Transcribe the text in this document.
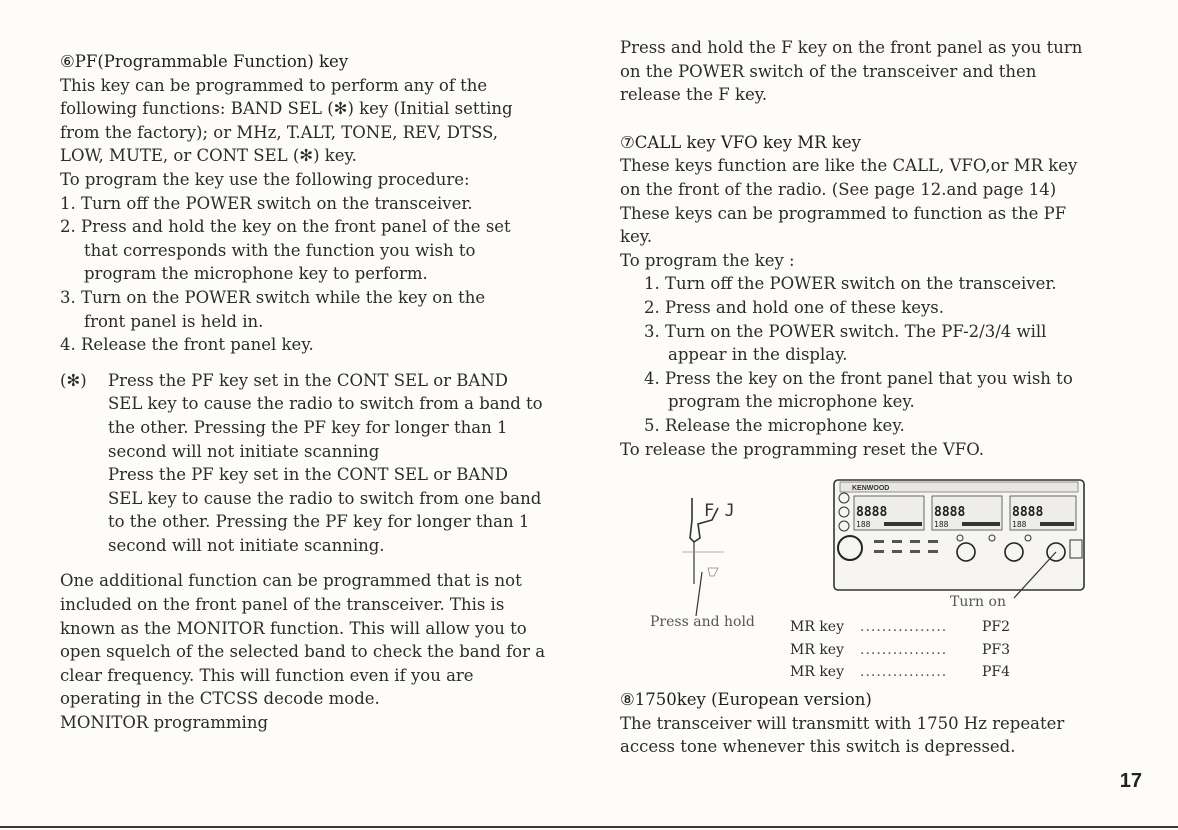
⑥PF(Programmable Function) key
This key can be programmed to perform any of the
following functions: BAND SEL (✻) key (Initial setting
from the factory); or MHz, T.ALT, TONE, REV, DTSS,
LOW, MUTE, or CONT SEL (✻) key.
To program the key use the following procedure:
1. Turn off the POWER switch on the transceiver.
2. Press and hold the key on the front panel of the set
that corresponds with the function you wish to
program the microphone key to perform.
3. Turn on the POWER switch while the key on the
front panel is held in.
4. Release the front panel key.
(✻) Press the PF key set in the CONT SEL or BAND
SEL key to cause the radio to switch from a band to
the other. Pressing the PF key for longer than 1
second will not initiate scanning
Press the PF key set in the CONT SEL or BAND
SEL key to cause the radio to switch from one band
to the other. Pressing the PF key for longer than 1
second will not initiate scanning.
One additional function can be programmed that is not
included on the front panel of the transceiver. This is
known as the MONITOR function. This will allow you to
open squelch of the selected band to check the band for a
clear frequency. This will function even if you are
operating in the CTCSS decode mode.
MONITOR programming
Press and hold the F key on the front panel as you turn
on the POWER switch of the transceiver and then
release the F key.
⑦CALL key VFO key MR key
These keys function are like the CALL, VFO,or MR key
on the front of the radio. (See page 12.and page 14)
These keys can be programmed to function as the PF
key.
To program the key :
1. Turn off the POWER switch on the transceiver.
2. Press and hold one of these keys.
3. Turn on the POWER switch. The PF-2/3/4 will
appear in the display.
4. Press the key on the front panel that you wish to
program the microphone key.
5. Release the microphone key.
To release the programming reset the VFO.
F J
KENWOOD
8888	8888	8888
188	188	188
Press and hold
Turn on
MR key	................	PF2
MR key	................	PF3
MR key	................	PF4
⑧1750key (European version)
The transceiver will transmitt with 1750 Hz repeater
access tone whenever this switch is depressed.
17
